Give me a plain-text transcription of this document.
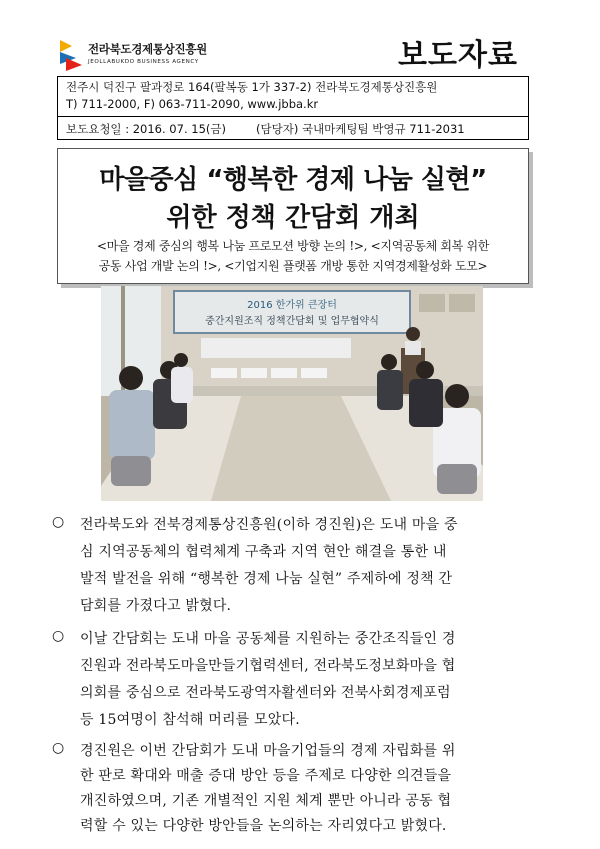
전라북도경제통상진흥원
JEOLLABUKDO BUSINESS AGENCY	보도자료
전주시 덕진구 팔과정로 164(팔복동 1가 337-2) 전라북도경제통상진흥원
T) 711-2000, F) 063-711-2090, www.jbba.kr
보도요청일 : 2016. 07. 15(금)	(담당자) 국내마케팅팀 박영규 711-2031
마을중심 “행복한 경제 나눔 실현”
위한 정책 간담회 개최
<마을 경제 중심의 행복 나눔 프로모션 방향 논의 !>, <지역공동체 회복 위한
공동 사업 개발 논의 !>, <기업지원 플랫폼 개방 통한 지역경제활성화 도모>
2016 한가위 큰장터
중간지원조직 정책간담회 및 업무협약식
○ 전라북도와 전북경제통상진흥원(이하 경진원)은 도내 마을 중
심 지역공동체의 협력체계 구축과 지역 현안 해결을 통한 내
발적 발전을 위해 “행복한 경제 나눔 실현” 주제하에 정책 간
담회를 가졌다고 밝혔다.
○ 이날 간담회는 도내 마을 공동체를 지원하는 중간조직들인 경
진원과 전라북도마을만들기협력센터, 전라북도정보화마을 협
의회를 중심으로 전라북도광역자활센터와 전북사회경제포럼
등 15여명이 참석해 머리를 모았다.
○ 경진원은 이번 간담회가 도내 마을기업들의 경제 자립화를 위
한 판로 확대와 매출 증대 방안 등을 주제로 다양한 의견들을
개진하였으며, 기존 개별적인 지원 체계 뿐만 아니라 공동 협
력할 수 있는 다양한 방안들을 논의하는 자리였다고 밝혔다.
